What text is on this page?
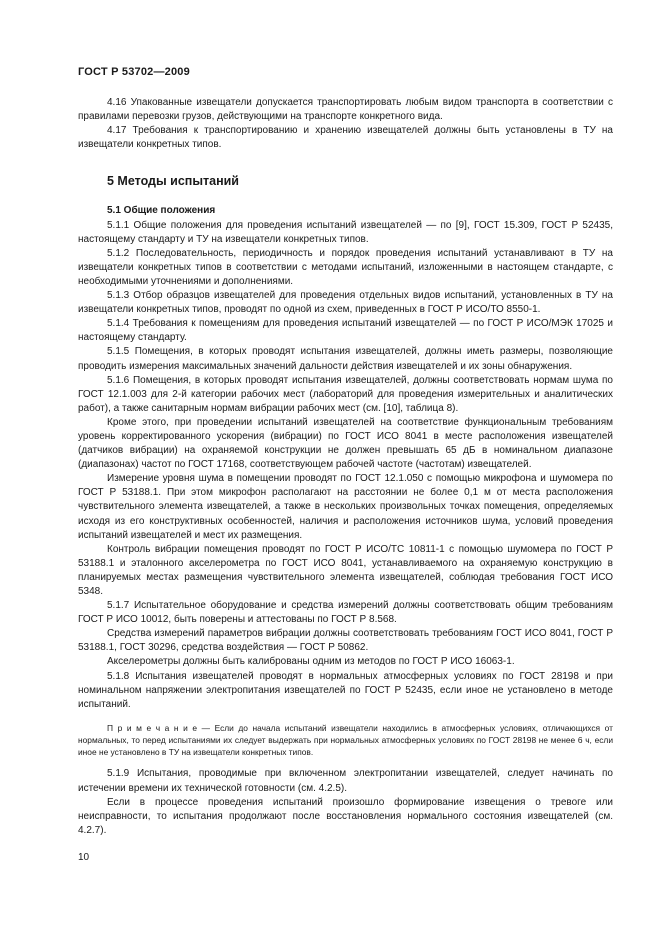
ГОСТ Р 53702—2009

4.16 Упакованные извещатели допускается транспортировать любым видом транспорта в соответствии с правилами перевозки грузов, действующими на транспорте конкретного вида.

4.17 Требования к транспортированию и хранению извещателей должны быть установлены в ТУ на извещатели конкретных типов.

5 Методы испытаний

5.1 Общие положения

5.1.1 Общие положения для проведения испытаний извещателей — по [9], ГОСТ 15.309, ГОСТ Р 52435, настоящему стандарту и ТУ на извещатели конкретных типов.

5.1.2 Последовательность, периодичность и порядок проведения испытаний устанавливают в ТУ на извещатели конкретных типов в соответствии с методами испытаний, изложенными в настоящем стандарте, с необходимыми уточнениями и дополнениями.

5.1.3 Отбор образцов извещателей для проведения отдельных видов испытаний, установленных в ТУ на извещатели конкретных типов, проводят по одной из схем, приведенных в ГОСТ Р ИСО/ТО 8550-1.

5.1.4 Требования к помещениям для проведения испытаний извещателей — по ГОСТ Р ИСО/МЭК 17025 и настоящему стандарту.

5.1.5 Помещения, в которых проводят испытания извещателей, должны иметь размеры, позволяющие проводить измерения максимальных значений дальности действия извещателей и их зоны обнаружения.

5.1.6 Помещения, в которых проводят испытания извещателей, должны соответствовать нормам шума по ГОСТ 12.1.003 для 2-й категории рабочих мест (лабораторий для проведения измерительных и аналитических работ), а также санитарным нормам вибрации рабочих мест (см. [10], таблица 8).

Кроме этого, при проведении испытаний извещателей на соответствие функциональным требованиям уровень корректированного ускорения (вибрации) по ГОСТ ИСО 8041 в месте расположения извещателей (датчиков вибрации) на охраняемой конструкции не должен превышать 65 дБ в номинальном диапазоне (диапазонах) частот по ГОСТ 17168, соответствующем рабочей частоте (частотам) извещателей.

Измерение уровня шума в помещении проводят по ГОСТ 12.1.050 с помощью микрофона и шумомера по ГОСТ Р 53188.1. При этом микрофон располагают на расстоянии не более 0,1 м от места расположения чувствительного элемента извещателей, а также в нескольких произвольных точках помещения, определяемых исходя из его конструктивных особенностей, наличия и расположения источников шума, условий проведения испытаний извещателей и мест их размещения.

Контроль вибрации помещения проводят по ГОСТ Р ИСО/ТС 10811-1 с помощью шумомера по ГОСТ Р 53188.1 и эталонного акселерометра по ГОСТ ИСО 8041, устанавливаемого на охраняемую конструкцию в планируемых местах размещения чувствительного элемента извещателей, соблюдая требования ГОСТ ИСО 5348.

5.1.7 Испытательное оборудование и средства измерений должны соответствовать общим требованиям ГОСТ Р ИСО 10012, быть поверены и аттестованы по ГОСТ Р 8.568.

Средства измерений параметров вибрации должны соответствовать требованиям ГОСТ ИСО 8041, ГОСТ Р 53188.1, ГОСТ 30296, средства воздействия — ГОСТ Р 50862.

Акселерометры должны быть калиброваны одним из методов по ГОСТ Р ИСО 16063-1.

5.1.8 Испытания извещателей проводят в нормальных атмосферных условиях по ГОСТ 28198 и при номинальном напряжении электропитания извещателей по ГОСТ Р 52435, если иное не установлено в методе испытаний.

П р и м е ч а н и е — Если до начала испытаний извещатели находились в атмосферных условиях, отличающихся от нормальных, то перед испытаниями их следует выдержать при нормальных атмосферных условиях по ГОСТ 28198 не менее 6 ч, если иное не установлено в ТУ на извещатели конкретных типов.

5.1.9 Испытания, проводимые при включенном электропитании извещателей, следует начинать по истечении времени их технической готовности (см. 4.2.5).

Если в процессе проведения испытаний произошло формирование извещения о тревоге или неисправности, то испытания продолжают после восстановления нормального состояния извещателей (см. 4.2.7).

10
